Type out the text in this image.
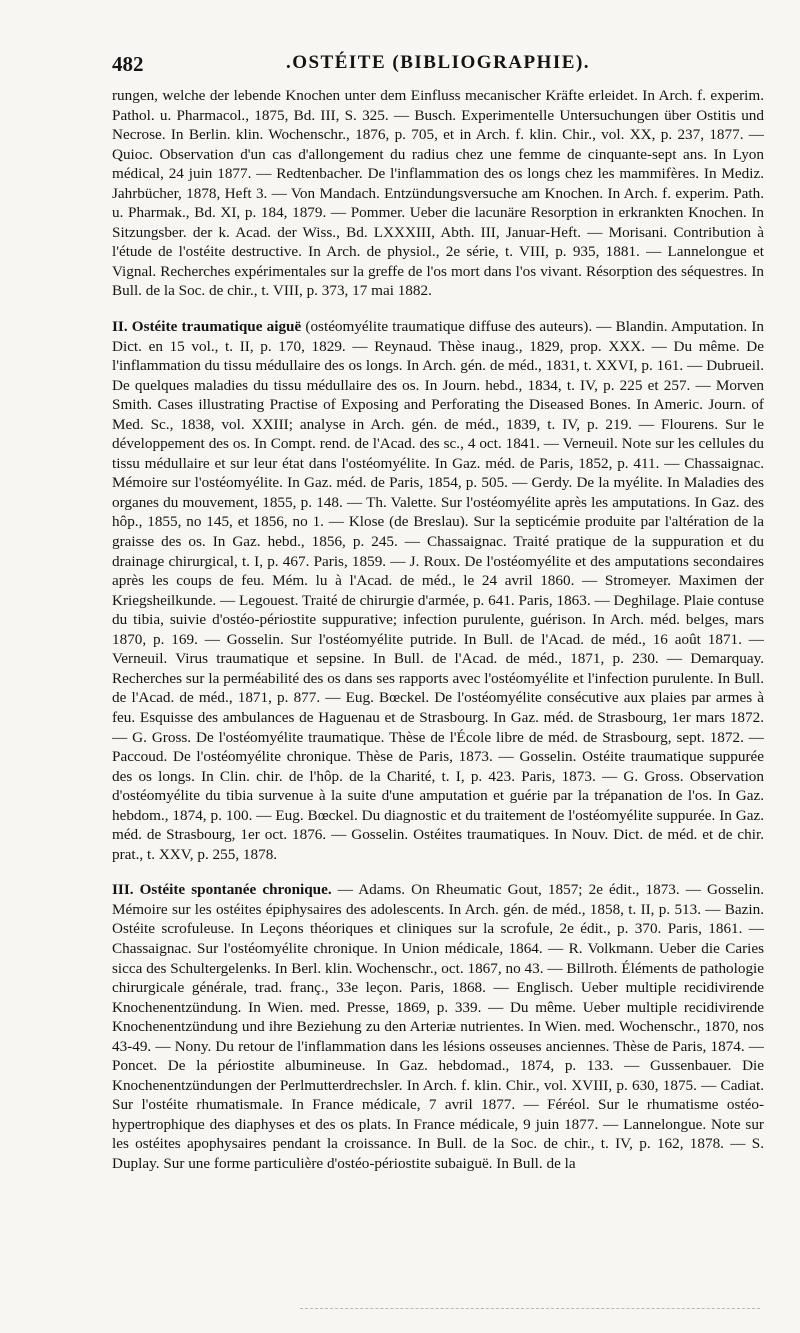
482	.OSTÉITE (BIBLIOGRAPHIE).

rungen, welche der lebende Knochen unter dem Einfluss mecanischer Kräfte erleidet. In Arch. f. experim. Pathol. u. Pharmacol., 1875, Bd. III, S. 325. — Busch. Experimentelle Untersuchungen über Ostitis und Necrose. In Berlin. klin. Wochenschr., 1876, p. 705, et in Arch. f. klin. Chir., vol. XX, p. 237, 1877. — Quioc. Observation d'un cas d'allongement du radius chez une femme de cinquante-sept ans. In Lyon médical, 24 juin 1877. — Redtenbacher. De l'inflammation des os longs chez les mammifères. In Mediz. Jahrbücher, 1878, Heft 3. — Von Mandach. Entzündungsversuche am Knochen. In Arch. f. experim. Path. u. Pharmak., Bd. XI, p. 184, 1879. — Pommer. Ueber die lacunäre Resorption in erkrankten Knochen. In Sitzungsber. der k. Acad. der Wiss., Bd. LXXXIII, Abth. III, Januar-Heft. — Morisani. Contribution à l'étude de l'ostéite destructive. In Arch. de physiol., 2e série, t. VIII, p. 935, 1881. — Lannelongue et Vignal. Recherches expérimentales sur la greffe de l'os mort dans l'os vivant. Résorption des séquestres. In Bull. de la Soc. de chir., t. VIII, p. 373, 17 mai 1882.

II. Ostéite traumatique aiguë (ostéomyélite traumatique diffuse des auteurs). — Blandin. Amputation. In Dict. en 15 vol., t. II, p. 170, 1829. — Reynaud. Thèse inaug., 1829, prop. XXX. — Du même. De l'inflammation du tissu médullaire des os longs. In Arch. gén. de méd., 1831, t. XXVI, p. 161. — Dubrueil. De quelques maladies du tissu médullaire des os. In Journ. hebd., 1834, t. IV, p. 225 et 257. — Morven Smith. Cases illustrating Practise of Exposing and Perforating the Diseased Bones. In Americ. Journ. of Med. Sc., 1838, vol. XXIII; analyse in Arch. gén. de méd., 1839, t. IV, p. 219. — Flourens. Sur le développement des os. In Compt. rend. de l'Acad. des sc., 4 oct. 1841. — Verneuil. Note sur les cellules du tissu médullaire et sur leur état dans l'ostéomyélite. In Gaz. méd. de Paris, 1852, p. 411. — Chassaignac. Mémoire sur l'ostéomyélite. In Gaz. méd. de Paris, 1854, p. 505. — Gerdy. De la myélite. In Maladies des organes du mouvement, 1855, p. 148. — Th. Valette. Sur l'ostéomyélite après les amputations. In Gaz. des hôp., 1855, no 145, et 1856, no 1. — Klose (de Breslau). Sur la septicémie produite par l'altération de la graisse des os. In Gaz. hebd., 1856, p. 245. — Chassaignac. Traité pratique de la suppuration et du drainage chirurgical, t. I, p. 467. Paris, 1859. — J. Roux. De l'ostéomyélite et des amputations secondaires après les coups de feu. Mém. lu à l'Acad. de méd., le 24 avril 1860. — Stromeyer. Maximen der Kriegsheilkunde. — Legouest. Traité de chirurgie d'armée, p. 641. Paris, 1863. — Deghilage. Plaie contuse du tibia, suivie d'ostéo-périostite suppurative; infection purulente, guérison. In Arch. méd. belges, mars 1870, p. 169. — Gosselin. Sur l'ostéomyélite putride. In Bull. de l'Acad. de méd., 16 août 1871. — Verneuil. Virus traumatique et sepsine. In Bull. de l'Acad. de méd., 1871, p. 230. — Demarquay. Recherches sur la perméabilité des os dans ses rapports avec l'ostéomyélite et l'infection purulente. In Bull. de l'Acad. de méd., 1871, p. 877. — Eug. Bœckel. De l'ostéomyélite consécutive aux plaies par armes à feu. Esquisse des ambulances de Haguenau et de Strasbourg. In Gaz. méd. de Strasbourg, 1er mars 1872. — G. Gross. De l'ostéomyélite traumatique. Thèse de l'École libre de méd. de Strasbourg, sept. 1872. — Paccoud. De l'ostéomyélite chronique. Thèse de Paris, 1873. — Gosselin. Ostéite traumatique suppurée des os longs. In Clin. chir. de l'hôp. de la Charité, t. I, p. 423. Paris, 1873. — G. Gross. Observation d'ostéomyélite du tibia survenue à la suite d'une amputation et guérie par la trépanation de l'os. In Gaz. hebdom., 1874, p. 100. — Eug. Bœckel. Du diagnostic et du traitement de l'ostéomyélite suppurée. In Gaz. méd. de Strasbourg, 1er oct. 1876. — Gosselin. Ostéites traumatiques. In Nouv. Dict. de méd. et de chir. prat., t. XXV, p. 255, 1878.

III. Ostéite spontanée chronique. — Adams. On Rheumatic Gout, 1857; 2e édit., 1873. — Gosselin. Mémoire sur les ostéites épiphysaires des adolescents. In Arch. gén. de méd., 1858, t. II, p. 513. — Bazin. Ostéite scrofuleuse. In Leçons théoriques et cliniques sur la scrofule, 2e édit., p. 370. Paris, 1861. — Chassaignac. Sur l'ostéomyélite chronique. In Union médicale, 1864. — R. Volkmann. Ueber die Caries sicca des Schultergelenks. In Berl. klin. Wochenschr., oct. 1867, no 43. — Billroth. Éléments de pathologie chirurgicale générale, trad. franç., 33e leçon. Paris, 1868. — Englisch. Ueber multiple recidivirende Knochenentzündung. In Wien. med. Presse, 1869, p. 339. — Du même. Ueber multiple recidivirende Knochenentzündung und ihre Beziehung zu den Arteriæ nutrientes. In Wien. med. Wochenschr., 1870, nos 43-49. — Nony. Du retour de l'inflammation dans les lésions osseuses anciennes. Thèse de Paris, 1874. — Poncet. De la périostite albumineuse. In Gaz. hebdomad., 1874, p. 133. — Gussenbauer. Die Knochenentzündungen der Perlmutterdrechsler. In Arch. f. klin. Chir., vol. XVIII, p. 630, 1875. — Cadiat. Sur l'ostéite rhumatismale. In France médicale, 7 avril 1877. — Féréol. Sur le rhumatisme ostéo-hypertrophique des diaphyses et des os plats. In France médicale, 9 juin 1877. — Lannelongue. Note sur les ostéites apophysaires pendant la croissance. In Bull. de la Soc. de chir., t. IV, p. 162, 1878. — S. Duplay. Sur une forme particulière d'ostéo-périostite subaiguë. In Bull. de la
